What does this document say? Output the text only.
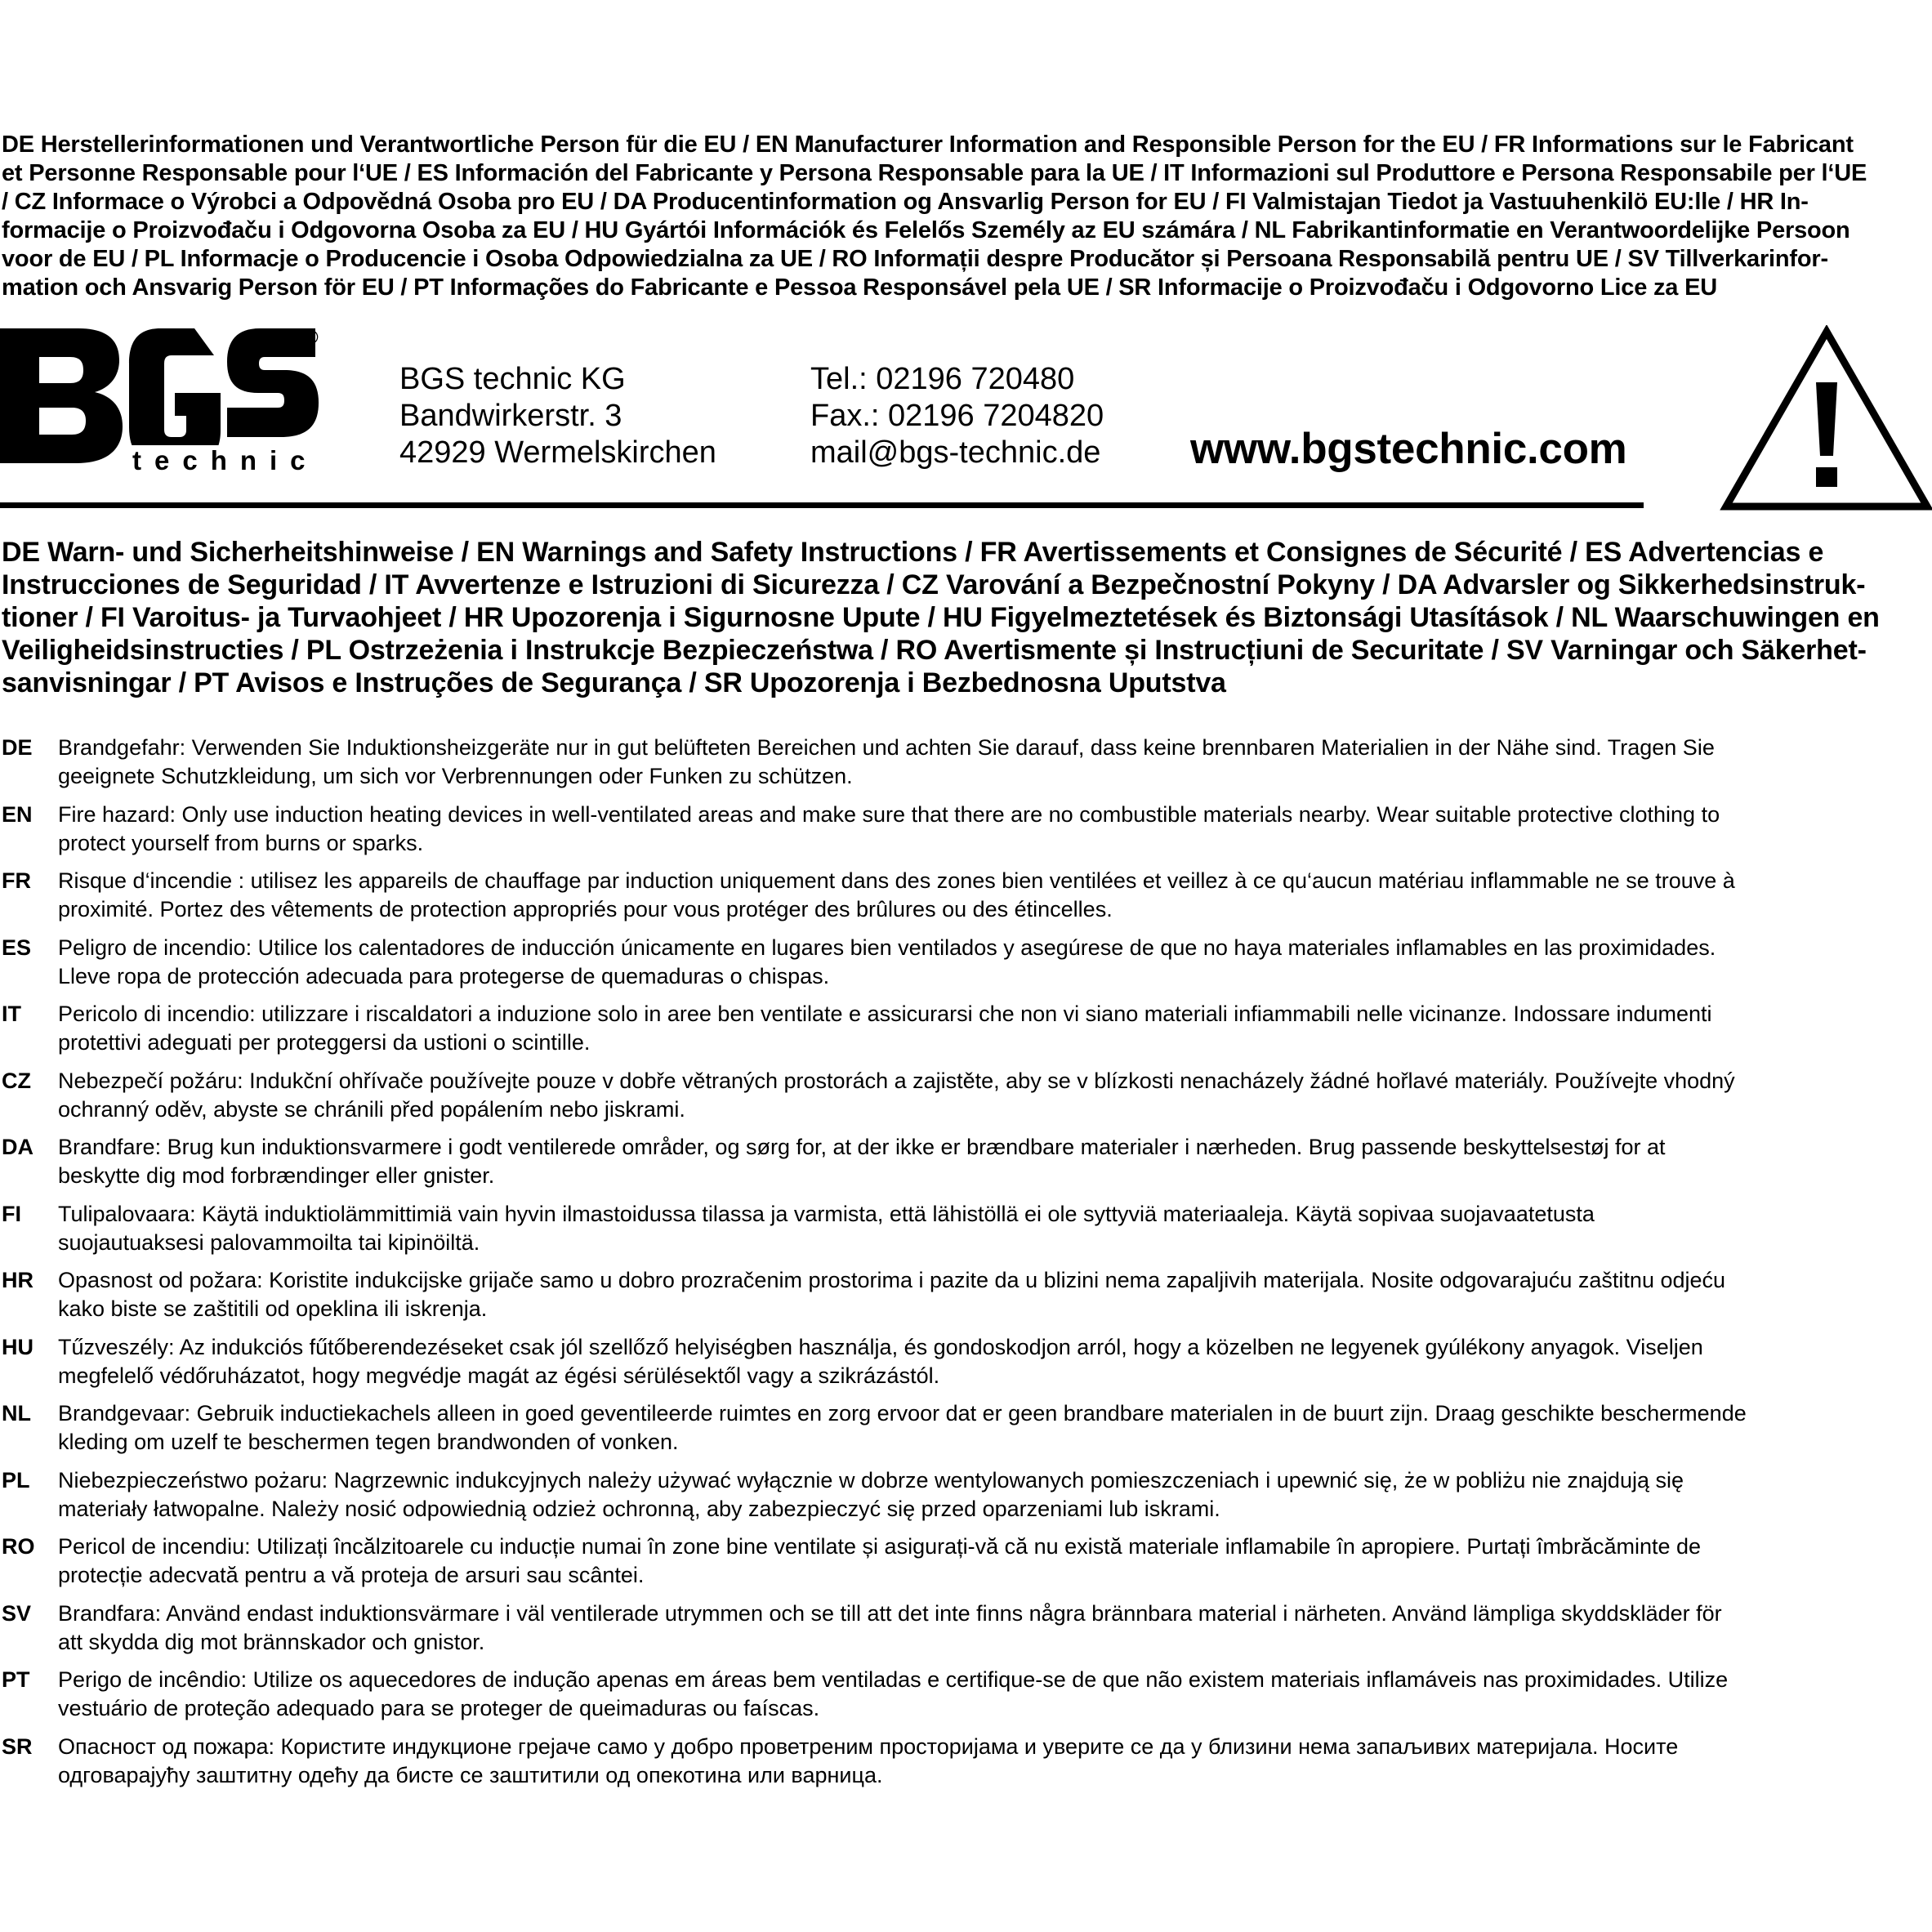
DE Herstellerinformationen und Verantwortliche Person für die EU / EN Manufacturer Information and Responsible Person for the EU / FR Informations sur le Fabricant
et Personne Responsable pour l‘UE / ES Información del Fabricante y Persona Responsable para la UE / IT Informazioni sul Produttore e Persona Responsabile per l‘UE
/ CZ Informace o Výrobci a Odpovědná Osoba pro EU / DA Producentinformation og Ansvarlig Person for EU / FI Valmistajan Tiedot ja Vastuuhenkilö EU:lle / HR In-
formacije o Proizvođaču i Odgovorna Osoba za EU / HU Gyártói Információk és Felelős Személy az EU számára / NL Fabrikantinformatie en Verantwoordelijke Persoon
voor de EU / PL Informacje o Producencie i Osoba Odpowiedzialna za UE / RO Informații despre Producător și Persoana Responsabilă pentru UE / SV Tillverkarinfor-
mation och Ansvarig Person för EU / PT Informações do Fabricante e Pessoa Responsável pela UE / SR Informacije o Proizvođaču i Odgovorno Lice za EU
®
technic
BGS technic KG
Bandwirkerstr. 3
42929 Wermelskirchen
Tel.: 02196 720480
Fax.: 02196 7204820
mail@bgs-technic.de www.bgstechnic.com
DE Warn- und Sicherheitshinweise / EN Warnings and Safety Instructions / FR Avertissements et Consignes de Sécurité / ES Advertencias e
Instrucciones de Seguridad / IT Avvertenze e Istruzioni di Sicurezza / CZ Varování a Bezpečnostní Pokyny / DA Advarsler og Sikkerhedsinstruk-
tioner / FI Varoitus- ja Turvaohjeet / HR Upozorenja i Sigurnosne Upute / HU Figyelmeztetések és Biztonsági Utasítások / NL Waarschuwingen en
Veiligheidsinstructies / PL Ostrzeżenia i Instrukcje Bezpieczeństwa / RO Avertismente și Instrucțiuni de Securitate / SV Varningar och Säkerhet-
sanvisningar / PT Avisos e Instruções de Segurança / SR Upozorenja i Bezbednosna Uputstva
DE Brandgefahr: Verwenden Sie Induktionsheizgeräte nur in gut belüfteten Bereichen und achten Sie darauf, dass keine brennbaren Materialien in der Nähe sind. Tragen Sie
geeignete Schutzkleidung, um sich vor Verbrennungen oder Funken zu schützen.
EN Fire hazard: Only use induction heating devices in well-ventilated areas and make sure that there are no combustible materials nearby. Wear suitable protective clothing to
protect yourself from burns or sparks.
FR Risque d‘incendie : utilisez les appareils de chauffage par induction uniquement dans des zones bien ventilées et veillez à ce qu‘aucun matériau inflammable ne se trouve à
proximité. Portez des vêtements de protection appropriés pour vous protéger des brûlures ou des étincelles.
ES Peligro de incendio: Utilice los calentadores de inducción únicamente en lugares bien ventilados y asegúrese de que no haya materiales inflamables en las proximidades.
Lleve ropa de protección adecuada para protegerse de quemaduras o chispas.
IT Pericolo di incendio: utilizzare i riscaldatori a induzione solo in aree ben ventilate e assicurarsi che non vi siano materiali infiammabili nelle vicinanze. Indossare indumenti
protettivi adeguati per proteggersi da ustioni o scintille.
CZ Nebezpečí požáru: Indukční ohřívače používejte pouze v dobře větraných prostorách a zajistěte, aby se v blízkosti nenacházely žádné hořlavé materiály. Používejte vhodný
ochranný oděv, abyste se chránili před popálením nebo jiskrami.
DA Brandfare: Brug kun induktionsvarmere i godt ventilerede områder, og sørg for, at der ikke er brændbare materialer i nærheden. Brug passende beskyttelsestøj for at
beskytte dig mod forbrændinger eller gnister.
FI Tulipalovaara: Käytä induktiolämmittimiä vain hyvin ilmastoidussa tilassa ja varmista, että lähistöllä ei ole syttyviä materiaaleja. Käytä sopivaa suojavaatetusta
suojautuaksesi palovammoilta tai kipinöiltä.
HR Opasnost od požara: Koristite indukcijske grijače samo u dobro prozračenim prostorima i pazite da u blizini nema zapaljivih materijala. Nosite odgovarajuću zaštitnu odjeću
kako biste se zaštitili od opeklina ili iskrenja.
HU Tűzveszély: Az indukciós fűtőberendezéseket csak jól szellőző helyiségben használja, és gondoskodjon arról, hogy a közelben ne legyenek gyúlékony anyagok. Viseljen
megfelelő védőruházatot, hogy megvédje magát az égési sérülésektől vagy a szikrázástól.
NL Brandgevaar: Gebruik inductiekachels alleen in goed geventileerde ruimtes en zorg ervoor dat er geen brandbare materialen in de buurt zijn. Draag geschikte beschermende
kleding om uzelf te beschermen tegen brandwonden of vonken.
PL Niebezpieczeństwo pożaru: Nagrzewnic indukcyjnych należy używać wyłącznie w dobrze wentylowanych pomieszczeniach i upewnić się, że w pobliżu nie znajdują się
materiały łatwopalne. Należy nosić odpowiednią odzież ochronną, aby zabezpieczyć się przed oparzeniami lub iskrami.
RO Pericol de incendiu: Utilizați încălzitoarele cu inducție numai în zone bine ventilate și asigurați-vă că nu există materiale inflamabile în apropiere. Purtați îmbrăcăminte de
protecție adecvată pentru a vă proteja de arsuri sau scântei.
SV Brandfara: Använd endast induktionsvärmare i väl ventilerade utrymmen och se till att det inte finns några brännbara material i närheten. Använd lämpliga skyddskläder för
att skydda dig mot brännskador och gnistor.
PT Perigo de incêndio: Utilize os aquecedores de indução apenas em áreas bem ventiladas e certifique-se de que não existem materiais inflamáveis nas proximidades. Utilize
vestuário de proteção adequado para se proteger de queimaduras ou faíscas.
SR Опасност од пожара: Користите индукционе грејаче само у добро проветреним просторијама и уверите се да у близини нема запаљивих материјала. Носите
одговарајућу заштитну одећу да бисте се заштитили од опекотина или варница.
